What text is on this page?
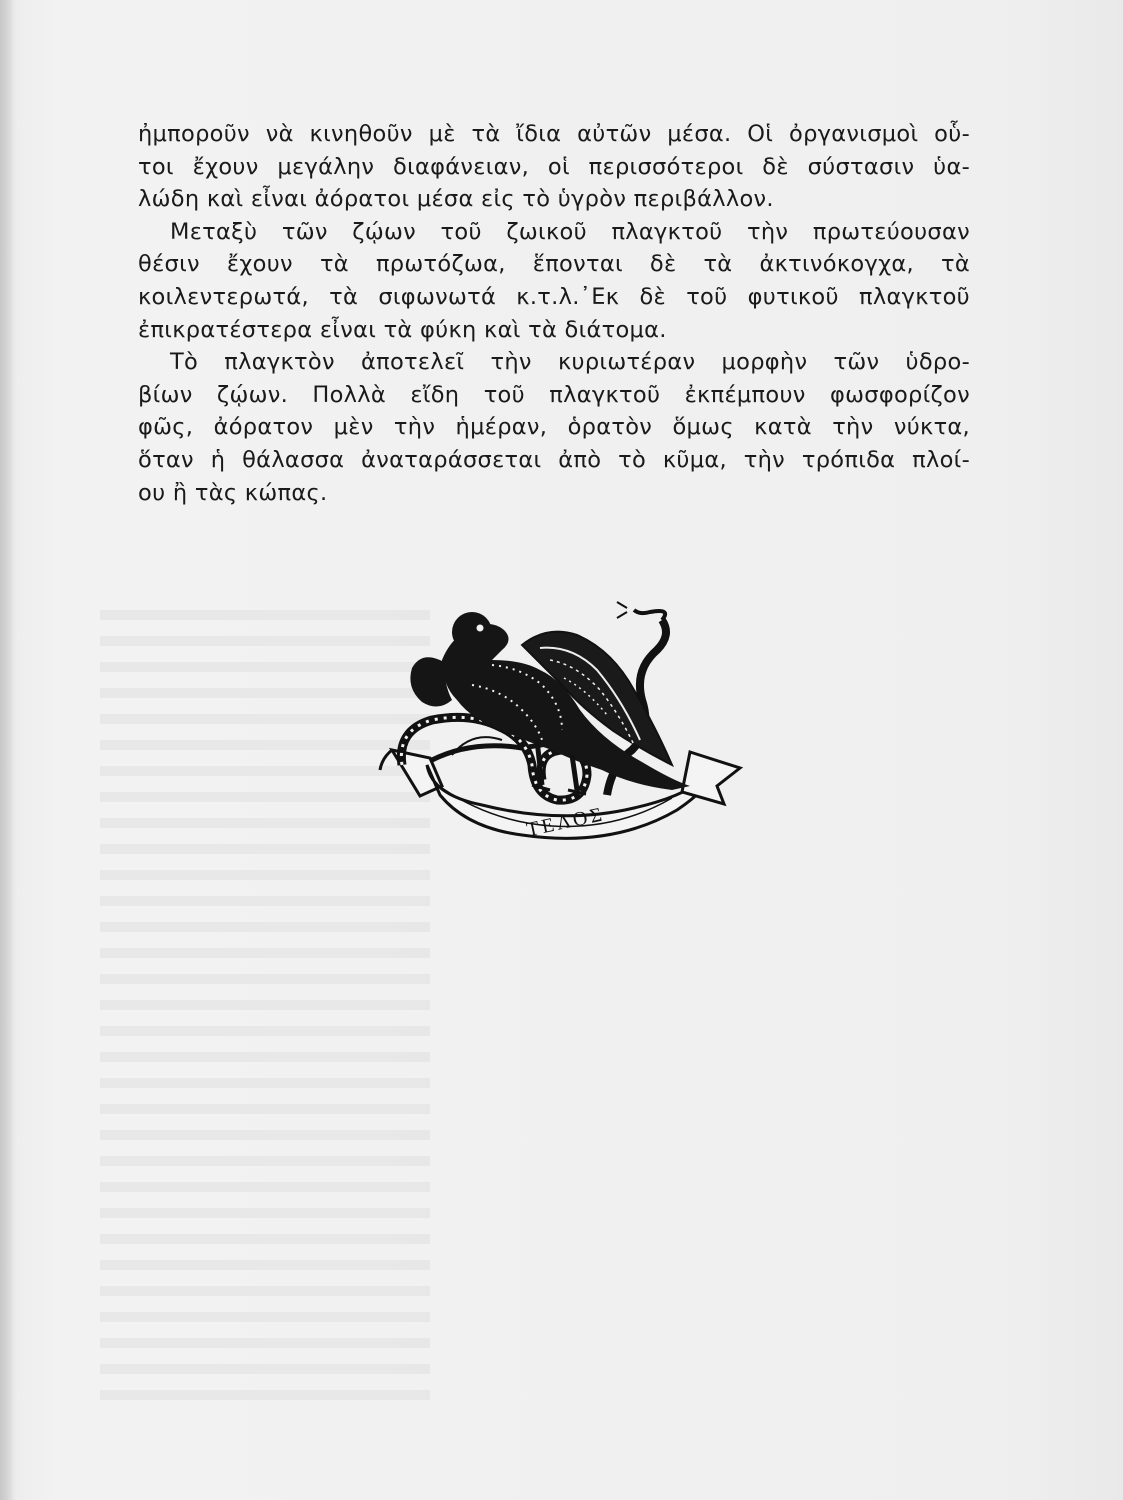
ἠμποροῦν νὰ κινηθοῦν μὲ τὰ ἴδια αὐτῶν μέσα. Οἱ ὀργανισμοὶ οὗ-
τοι ἔχουν μεγάλην διαφάνειαν, οἱ περισσότεροι δὲ σύστασιν ὑα-
λώδη καὶ εἶναι ἀόρατοι μέσα εἰς τὸ ὑγρὸν περιβάλλον.

Μεταξὺ τῶν ζῴων τοῦ ζωικοῦ πλαγκτοῦ τὴν πρωτεύουσαν
θέσιν ἔχουν τὰ πρωτόζωα, ἕπονται δὲ τὰ ἀκτινόκογχα, τὰ
κοιλεντερωτά, τὰ σιφωνωτά κ.τ.λ.᾽Εκ δὲ τοῦ φυτικοῦ πλαγκτοῦ
ἐπικρατέστερα εἶναι τὰ φύκη καὶ τὰ διάτομα.

Τὸ πλαγκτὸν ἀποτελεῖ τὴν κυριωτέραν μορφὴν τῶν ὑδρο-
βίων ζῴων. Πολλὰ εἴδη τοῦ πλαγκτοῦ ἐκπέμπουν φωσφορίζον
φῶς, ἀόρατον μὲν τὴν ἡμέραν, ὁρατὸν ὅμως κατὰ τὴν νύκτα,
ὅταν ἡ θάλασσα ἀναταράσσεται ἀπὸ τὸ κῦμα, τὴν τρόπιδα πλοί-
ου ἢ τὰς κώπας.

ΤΕΛΟΣ
